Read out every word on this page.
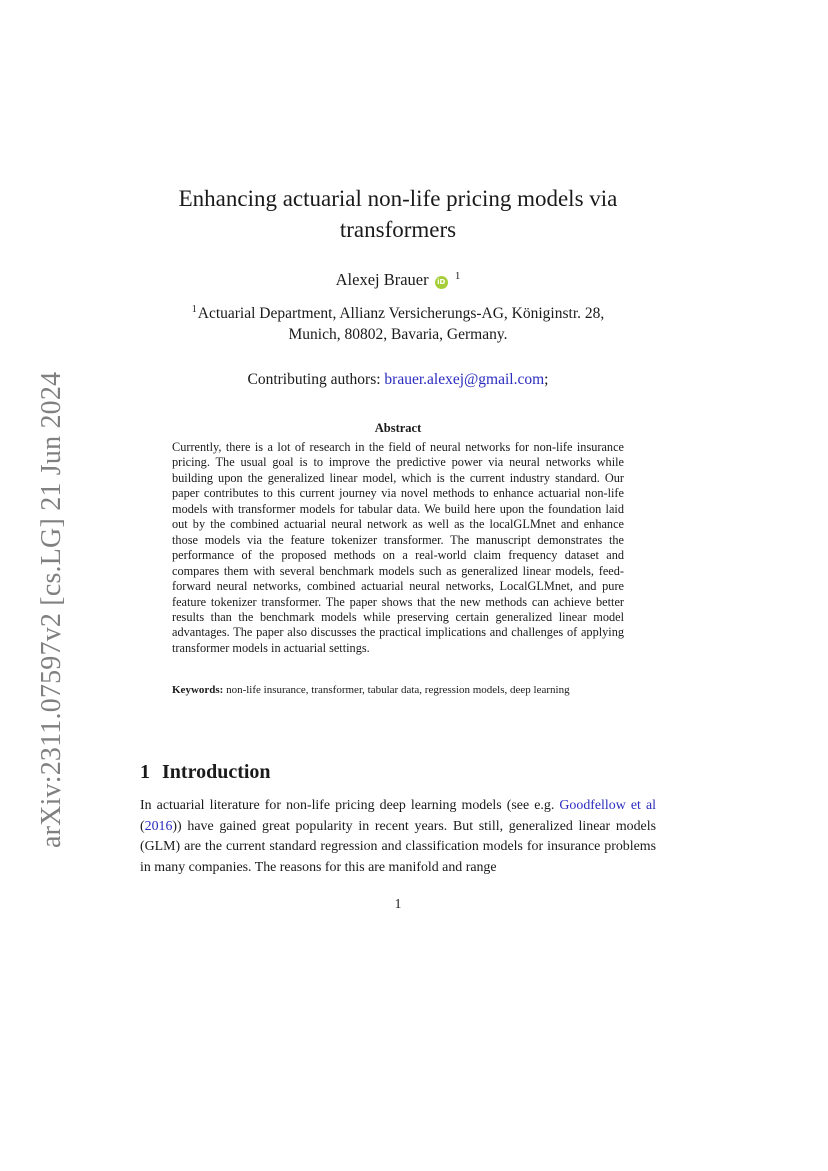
arXiv:2311.07597v2 [cs.LG] 21 Jun 2024
Enhancing actuarial non-life pricing models via
transformers
Alexej Brauer iD $^1$
$^1$Actuarial Department, Allianz Versicherungs-AG, Königinstr. 28,
Munich, 80802, Bavaria, Germany.
Contributing authors: brauer.alexej@gmail.com;
Abstract
Currently, there is a lot of research in the field of neural networks for non-life insurance pricing. The usual goal is to improve the predictive power via neural networks while building upon the generalized linear model, which is the current industry standard. Our paper contributes to this current journey via novel methods to enhance actuarial non-life models with transformer models for tabular data. We build here upon the foundation laid out by the combined actuarial neural network as well as the localGLMnet and enhance those models via the feature tokenizer transformer. The manuscript demonstrates the performance of the proposed methods on a real-world claim frequency dataset and compares them with several benchmark models such as generalized linear models, feed-forward neural networks, combined actuarial neural networks, LocalGLMnet, and pure feature tokenizer transformer. The paper shows that the new methods can achieve better results than the benchmark models while preserving certain generalized linear model advantages. The paper also discusses the practical implications and challenges of applying transformer models in actuarial settings.
Keywords: non-life insurance, transformer, tabular data, regression models, deep learning
1 Introduction
In actuarial literature for non-life pricing deep learning models (see e.g. Goodfellow et al (2016)) have gained great popularity in recent years. But still, generalized linear models (GLM) are the current standard regression and classification models for insurance problems in many companies. The reasons for this are manifold and range
1
